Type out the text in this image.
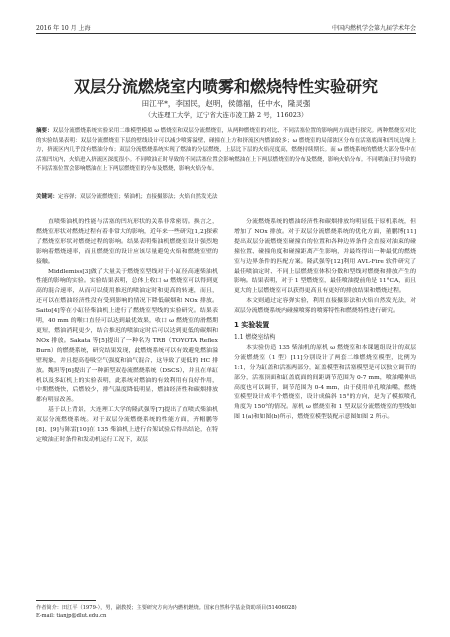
2016 年 10 月 上海	中国内燃机学会第九届学术年会
双层分流燃烧室内喷雾和燃烧特性实验研究
田江平*，李国民，赵明，侯德福，任中水，隆灵强
（大连理工大学，辽宁省大连市凌工路 2 号，116023）
摘要：双层分流燃烧系统实验采用二维模型模拟 ω 燃烧室和双层分流燃烧室，从两种燃烧室的对比、不同活塞位置的影响两方面进行探究。两种燃烧室对比的实验结果表明：双层分流燃烧室下层的壁线设计可以减少喷雾溢壁，碰撞在上方和挤流区内燃油较多；ω 燃烧室的局部浓区分布在活塞底面和凹坑边缘上方，挤流区内几乎没有燃油分布；双层分流燃烧系统实现了燃油的分层燃烧，上层比下层的火焰亮度高，燃烧持续期长。而 ω 燃烧系统的燃烧大部分集中在活塞凹坑内，火焰进入挤流区深度很小。不同喷油正时导致的不同活塞位置会影响燃油在上下两层燃烧室的分布及燃烧，影响火焰分布。不同喷油正时导致的不同活塞位置会影响燃油在上下两层燃烧室的分布及燃烧，影响火焰分布。
关键词：定容弹；双层分流燃烧室；柴油机；直接摄影法；火焰自然发光法

直喷柴油机的性能与活塞的凹坑形状的关系非常密切。换言之，燃烧室形状对燃烧过程有着非常大的影响，近年来一些研究[1,2]探索了燃烧室形状对燃烧过程的影响。结果表明柴油机燃烧室设计强烈地影响着燃烧速率，而且燃烧室的设计应该尽量避免火焰和燃烧室壁的接触。

Middlemiss[3]做了大量关于燃烧室型线对于小缸径高速柴油机性能的影响的实验。实验结果表明，总体上收口 ω 燃烧室可以得到更高的混合速率，从而可以使用推迟的喷油定时和更高的转速，而且，还可以在燃油经济性没有受到影响的情况下降低碳烟和 NOx 排放。Saito[4]等在小缸径柴油机上进行了燃烧室型线的实验研究。结果表明，40 mm 的喉口直径可以达到最优效果，收口 ω 燃烧室的滑燃期更短，燃油消耗更少，结合推迟的喷油定时后可以达到更低的碳烟和 NOx 排放。Sakata 等[5]提出了一种名为 TRB（TOYOTA Reflex Burn）的燃烧系统，研究结果发现，此燃烧系统可以有效避免燃油溢壁现象，并且提高卷吸空气强度和油气混合，这导致了更低的 HC 排放。魏坦等[6]提出了一种新型双卷流燃烧系统（DSCS），并且在单缸机以及多缸机上的实验表明，此系统对燃油的有效利用有良好作用，中期燃烧快，后燃较少，排气温度降低明显，燃油经济性和碳烟排放都有明显改善。

基于以上背景，大连理工大学的隆武强等[7]提出了直喷式柴油机双层分流燃烧系统。对于双层分流燃烧系统的性能方面，齐帽鹏等[8]、[9]与陈雷[10]在 135 柴油机上进行台架试验后得出结论，在特定喷油正时条件和发动机运行工况下，双层

分流燃烧系统的燃油经济性和碳烟排放均明显低于原机系统，但增加了 NOx 排放。对于双层分流燃烧系统的优化方面，董鹏博[11]提出双层分流燃烧室碰撞台的位置和各种边界条件会直接对油束的碰撞位置、碰撞角度和碰撞距离产生影响，并最终得出一种最优的燃烧室与边界条件的匹配方案。隆武强等[12]利用 AVL-Fire 软件研究了最佳喷油定时、不同上层燃烧室体积分数和型线对燃烧和排放产生的影响。结果表明，对于 1 型燃烧室，最佳喷油提前角是 11°CA，而且更大的上层燃烧室可以获得更高且有更好的排放结果和燃烧过程。

本文则通过定容弹实验，利用直接摄影法和火焰自然发光法，对双层分流燃烧系统内碰撞喷雾的喷雾特性和燃烧特性进行研究。

1 实验装置
1.1 燃烧室结构

本实验仿造 135 柴油机的原机 ω 燃烧室和本课题组设计的双层分流燃烧室（1 型）[11]分别设计了两套二维燃烧室模型，比例为 1:1，分为缸盖和活塞两部分，缸盖模型和活塞模型是可以独立调节的部分，活塞顶面和缸盖底面的间距调节范围为 0-7 mm，喷油嘴伸出高度也可以调节，调节范围为 0-4 mm，由于使用单孔喷油嘴，燃烧室模型设计成半个燃烧室，设计成偏斜 15°的方向，是为了模拟喷孔角度为 150°的情况。原机 ω 燃烧室和 1 型双层分流燃烧室的型线如图 1(a)和如图(b)所示，燃烧室模型装配示意图如图 2 所示。

作者简介：田江平（1979-），男，副教授；主要研究方向为内燃机燃烧。国家自然科学基金资助项目(51406028)
E-mail: tianjp@dlut.edu.cn
